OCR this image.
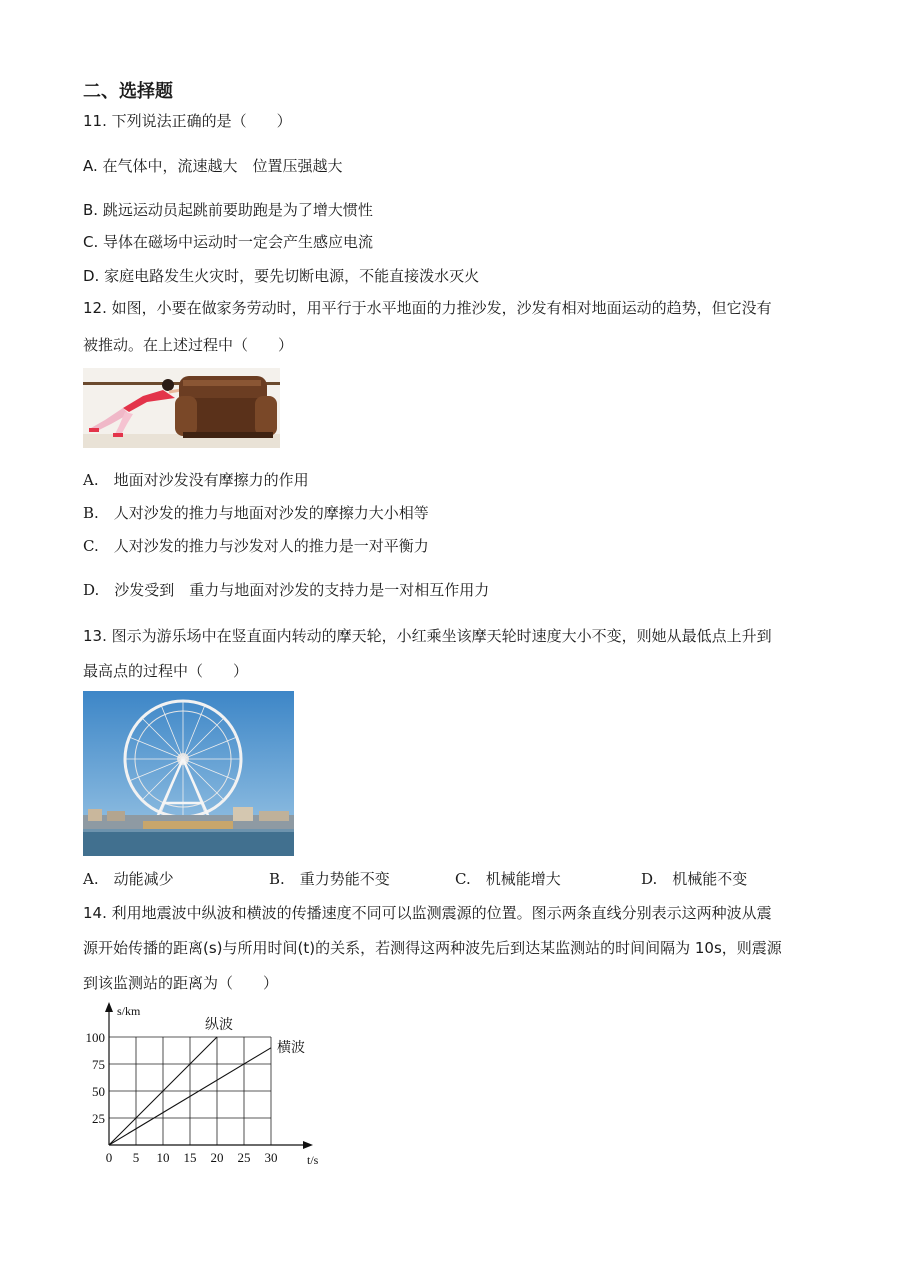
二、选择题
11. 下列说法正确的是（　　）
A. 在气体中，流速越大　位置压强越大
B. 跳远运动员起跳前要助跑是为了增大惯性
C. 导体在磁场中运动时一定会产生感应电流
D. 家庭电路发生火灾时，要先切断电源，不能直接泼水灭火
12. 如图，小要在做家务劳动时，用平行于水平地面的力推沙发，沙发有相对地面运动的趋势，但它没有
被推动。在上述过程中（　　）
A.　地面对沙发没有摩擦力的作用
B.　人对沙发的推力与地面对沙发的摩擦力大小相等
C.　人对沙发的推力与沙发对人的推力是一对平衡力
D.　沙发受到　重力与地面对沙发的支持力是一对相互作用力
13. 图示为游乐场中在竖直面内转动的摩天轮，小红乘坐该摩天轮时速度大小不变，则她从最低点上升到
最高点的过程中（　　）
A.　动能减少	B.　重力势能不变	C.　机械能增大	D.　机械能不变
14. 利用地震波中纵波和横波的传播速度不同可以监测震源的位置。图示两条直线分别表示这两种波从震
源开始传播的距离(s)与所用时间(t)的关系，若测得这两种波先后到达某监测站的时间间隔为 10s，则震源
到该监测站的距离为（　　）
0 5 10 15 20 25 30
25
50
75
100
t/s
s/km
纵波
横波
